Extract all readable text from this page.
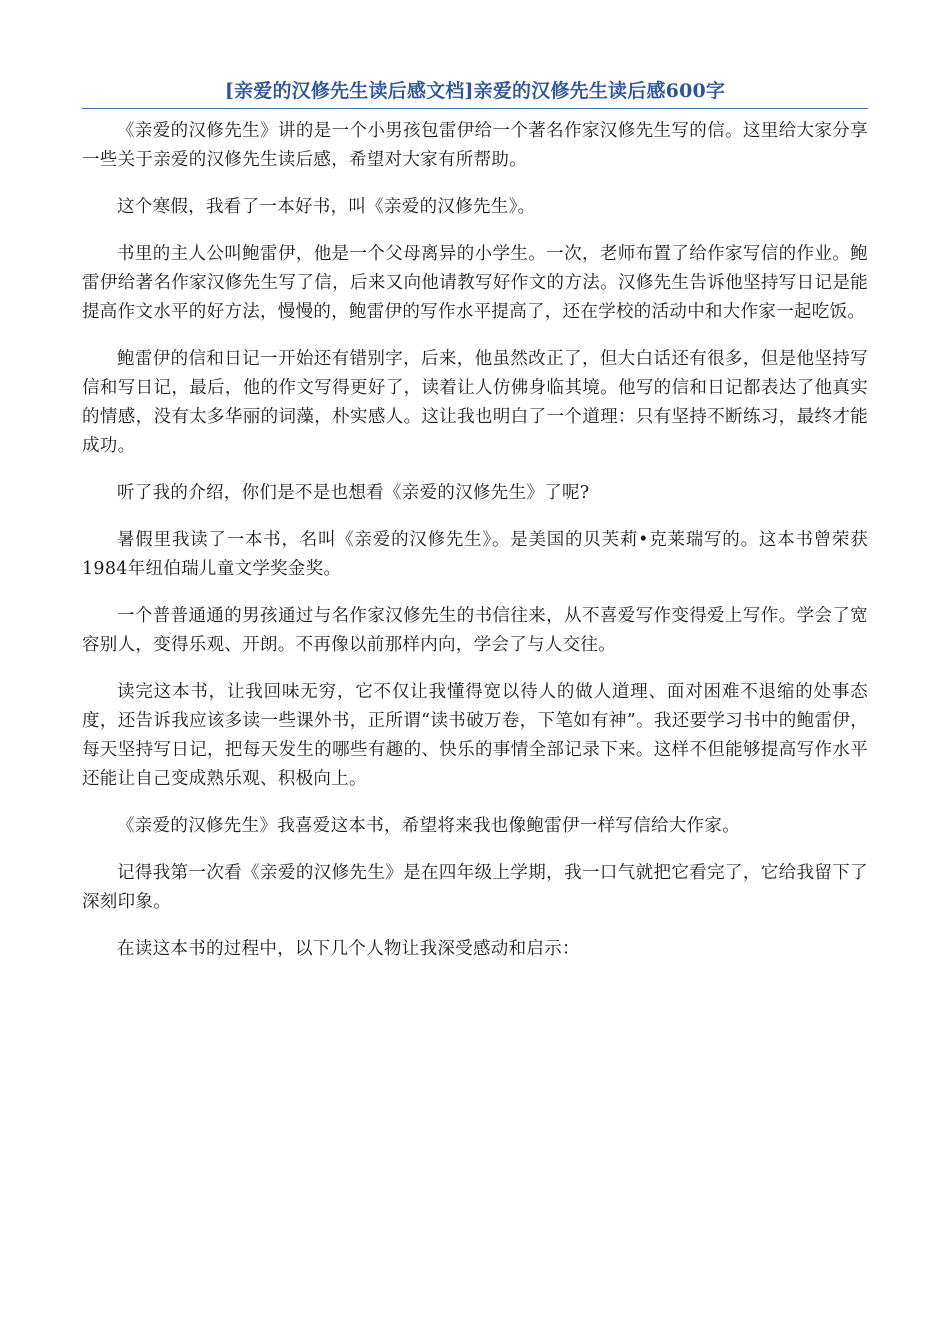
[亲爱的汉修先生读后感文档]亲爱的汉修先生读后感600字

《亲爱的汉修先生》讲的是一个小男孩包雷伊给一个著名作家汉修先生写的信。这里给大家分享一些关于亲爱的汉修先生读后感，希望对大家有所帮助。

这个寒假，我看了一本好书，叫《亲爱的汉修先生》。

书里的主人公叫鲍雷伊，他是一个父母离异的小学生。一次，老师布置了给作家写信的作业。鲍雷伊给著名作家汉修先生写了信，后来又向他请教写好作文的方法。汉修先生告诉他坚持写日记是能提高作文水平的好方法，慢慢的，鲍雷伊的写作水平提高了，还在学校的活动中和大作家一起吃饭。

鲍雷伊的信和日记一开始还有错别字，后来，他虽然改正了，但大白话还有很多，但是他坚持写信和写日记，最后，他的作文写得更好了，读着让人仿佛身临其境。他写的信和日记都表达了他真实的情感，没有太多华丽的词藻，朴实感人。这让我也明白了一个道理：只有坚持不断练习，最终才能成功。

听了我的介绍，你们是不是也想看《亲爱的汉修先生》了呢?

暑假里我读了一本书，名叫《亲爱的汉修先生》。是美国的贝芙莉•克莱瑞写的。这本书曾荣获1984年纽伯瑞儿童文学奖金奖。

一个普普通通的男孩通过与名作家汉修先生的书信往来，从不喜爱写作变得爱上写作。学会了宽容别人，变得乐观、开朗。不再像以前那样内向，学会了与人交往。

读完这本书，让我回味无穷，它不仅让我懂得宽以待人的做人道理、面对困难不退缩的处事态度，还告诉我应该多读一些课外书，正所谓“读书破万卷，下笔如有神”。我还要学习书中的鲍雷伊，每天坚持写日记，把每天发生的哪些有趣的、快乐的事情全部记录下来。这样不但能够提高写作水平还能让自己变成熟乐观、积极向上。

《亲爱的汉修先生》我喜爱这本书，希望将来我也像鲍雷伊一样写信给大作家。

记得我第一次看《亲爱的汉修先生》是在四年级上学期，我一口气就把它看完了，它给我留下了深刻印象。

在读这本书的过程中，以下几个人物让我深受感动和启示：
